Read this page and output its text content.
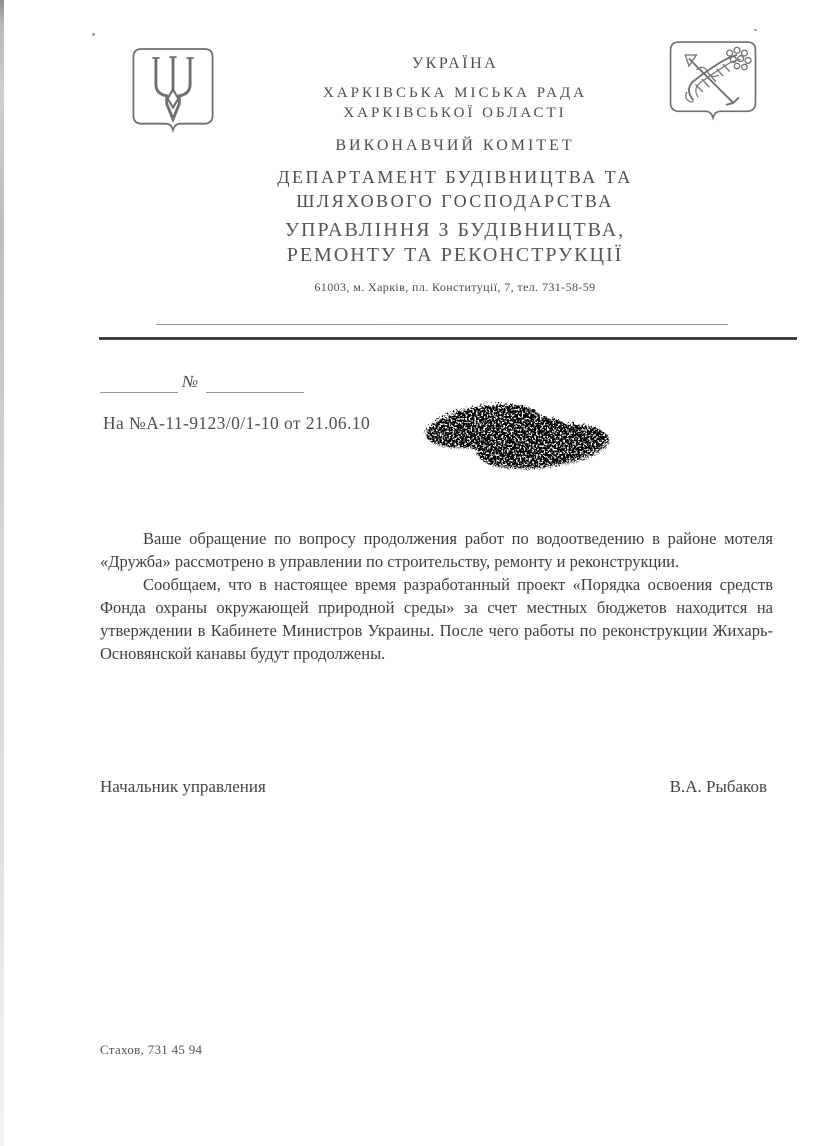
УКРАЇНА
ХАРКІВСЬКА МІСЬКА РАДА
ХАРКІВСЬКОЇ ОБЛАСТІ
ВИКОНАВЧИЙ КОМІТЕТ
ДЕПАРТАМЕНТ БУДІВНИЦТВА ТА
ШЛЯХОВОГО ГОСПОДАРСТВА
УПРАВЛІННЯ З БУДІВНИЦТВА,
РЕМОНТУ ТА РЕКОНСТРУКЦІЇ
61003, м. Харків, пл. Конституції, 7, тел. 731-58-59
№
На №А-11-9123/0/1-10 от 21.06.10

Ваше обращение по вопросу продолжения работ по водоотведению в районе мотеля «Дружба» рассмотрено в управлении по строительству, ремонту и реконструкции.

Сообщаем, что в настоящее время разработанный проект «Порядка освоения средств Фонда охраны окружающей природной среды» за счет местных бюджетов находится на утверждении в Кабинете Министров Украины. После чего работы по реконструкции Жихарь-Основянской канавы будут продолжены.

Начальник управления	В.А. Рыбаков
Стахов, 731 45 94
